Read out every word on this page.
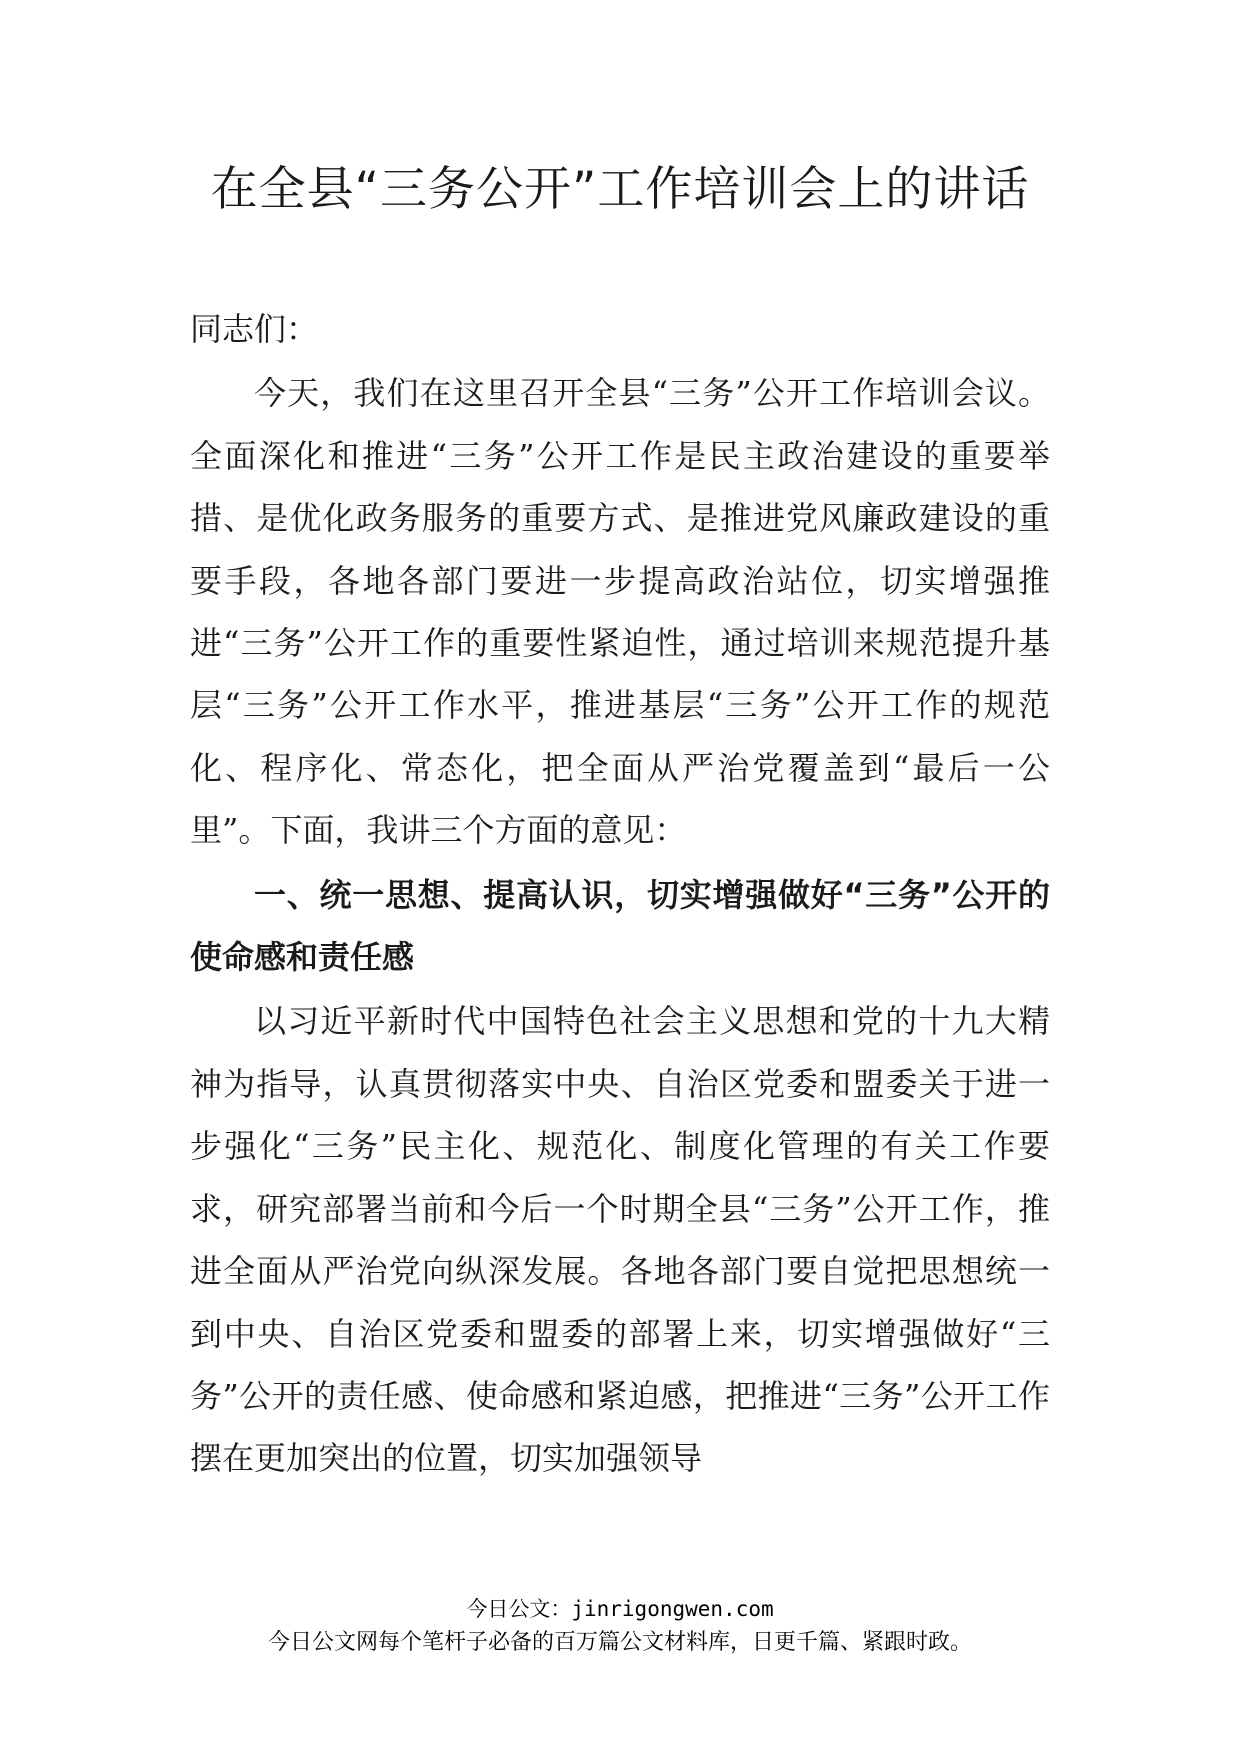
在全县“三务公开”工作培训会上的讲话

同志们：

今天，我们在这里召开全县“三务”公开工作培训会议。全面深化和推进“三务”公开工作是民主政治建设的重要举措、是优化政务服务的重要方式、是推进党风廉政建设的重要手段，各地各部门要进一步提高政治站位，切实增强推进“三务”公开工作的重要性紧迫性，通过培训来规范提升基层“三务”公开工作水平，推进基层“三务”公开工作的规范化、程序化、常态化，把全面从严治党覆盖到“最后一公里”。下面，我讲三个方面的意见：

一、统一思想、提高认识，切实增强做好“三务”公开的使命感和责任感

以习近平新时代中国特色社会主义思想和党的十九大精神为指导，认真贯彻落实中央、自治区党委和盟委关于进一步强化“三务”民主化、规范化、制度化管理的有关工作要求，研究部署当前和今后一个时期全县“三务”公开工作，推进全面从严治党向纵深发展。各地各部门要自觉把思想统一到中央、自治区党委和盟委的部署上来，切实增强做好“三务”公开的责任感、使命感和紧迫感，把推进“三务”公开工作摆在更加突出的位置，切实加强领导

今日公文：jinrigongwen.com
今日公文网每个笔杆子必备的百万篇公文材料库，日更千篇、紧跟时政。
